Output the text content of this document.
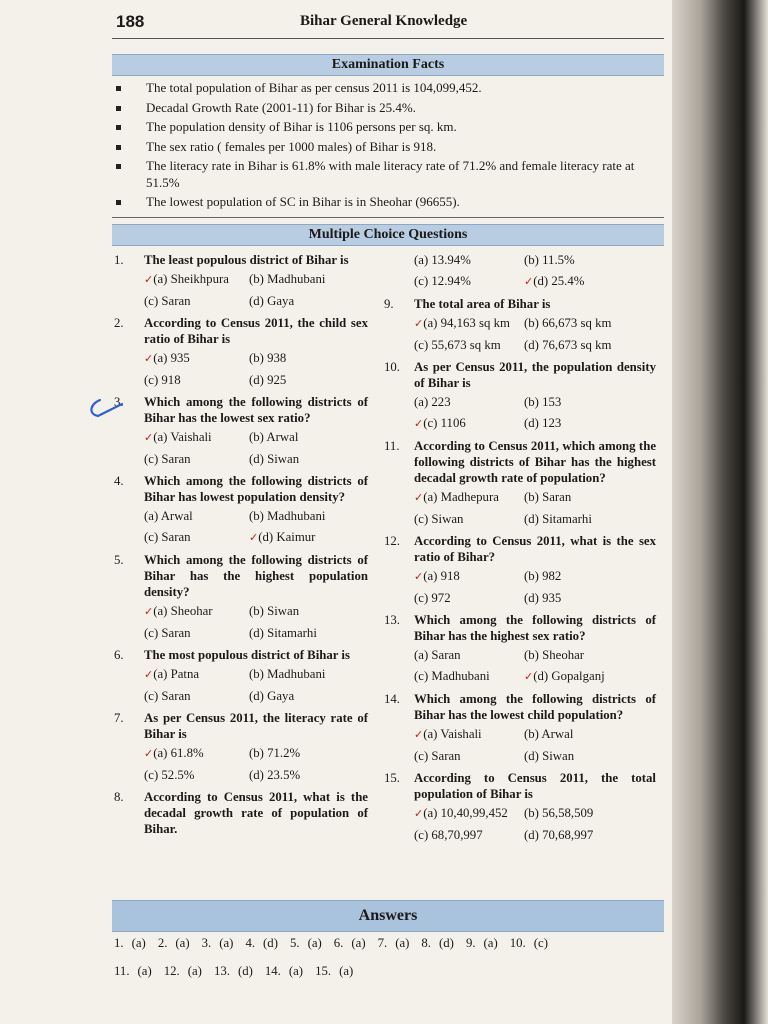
188	Bihar General Knowledge
Examination Facts
The total population of Bihar as per census 2011 is 104,099,452.
Decadal Growth Rate (2001-11) for Bihar is 25.4%.
The population density of Bihar is 1106 persons per sq. km.
The sex ratio ( females per 1000 males) of Bihar is 918.
The literacy rate in Bihar is 61.8% with male literacy rate of 71.2% and female literacy rate at 51.5%
The lowest population of SC in Bihar is in Sheohar (96655).
Multiple Choice Questions
1.	The least populous district of Bihar is
✓(a) Sheikhpura	(b) Madhubani
(c) Saran	(d) Gaya
2.	According to Census 2011, the child sex ratio of Bihar is
✓(a) 935	(b) 938
(c) 918	(d) 925
3.	Which among the following districts of Bihar has the lowest sex ratio?
✓(a) Vaishali	(b) Arwal
(c) Saran	(d) Siwan
4.	Which among the following districts of Bihar has lowest population density?
(a) Arwal	(b) Madhubani
(c) Saran	✓(d) Kaimur
5.	Which among the following districts of Bihar has the highest population density?
✓(a) Sheohar	(b) Siwan
(c) Saran	(d) Sitamarhi
6.	The most populous district of Bihar is
✓(a) Patna	(b) Madhubani
(c) Saran	(d) Gaya
7.	As per Census 2011, the literacy rate of Bihar is
✓(a) 61.8%	(b) 71.2%
(c) 52.5%	(d) 23.5%
8.	According to Census 2011, what is the decadal growth rate of population of Bihar.
(a) 13.94%	(b) 11.5%
(c) 12.94%	✓(d) 25.4%
9.	The total area of Bihar is
✓(a) 94,163 sq km	(b) 66,673 sq km
(c) 55,673 sq km	(d) 76,673 sq km
10.	As per Census 2011, the population density of Bihar is
(a) 223	(b) 153
✓(c) 1106	(d) 123
11.	According to Census 2011, which among the following districts of Bihar has the highest decadal growth rate of population?
✓(a) Madhepura	(b) Saran
(c) Siwan	(d) Sitamarhi
12.	According to Census 2011, what is the sex ratio of Bihar?
✓(a) 918	(b) 982
(c) 972	(d) 935
13.	Which among the following districts of Bihar has the highest sex ratio?
(a) Saran	(b) Sheohar
(c) Madhubani	✓(d) Gopalganj
14.	Which among the following districts of Bihar has the lowest child population?
✓(a) Vaishali	(b) Arwal
(c) Saran	(d) Siwan
15.	According to Census 2011, the total population of Bihar is
✓(a) 10,40,99,452	(b) 56,58,509
(c) 68,70,997	(d) 70,68,997
Answers
1. (a) 2. (a) 3. (a) 4. (d) 5. (a) 6. (a) 7. (a) 8. (d) 9. (a) 10. (c)
11. (a) 12. (a) 13. (d) 14. (a) 15. (a)
